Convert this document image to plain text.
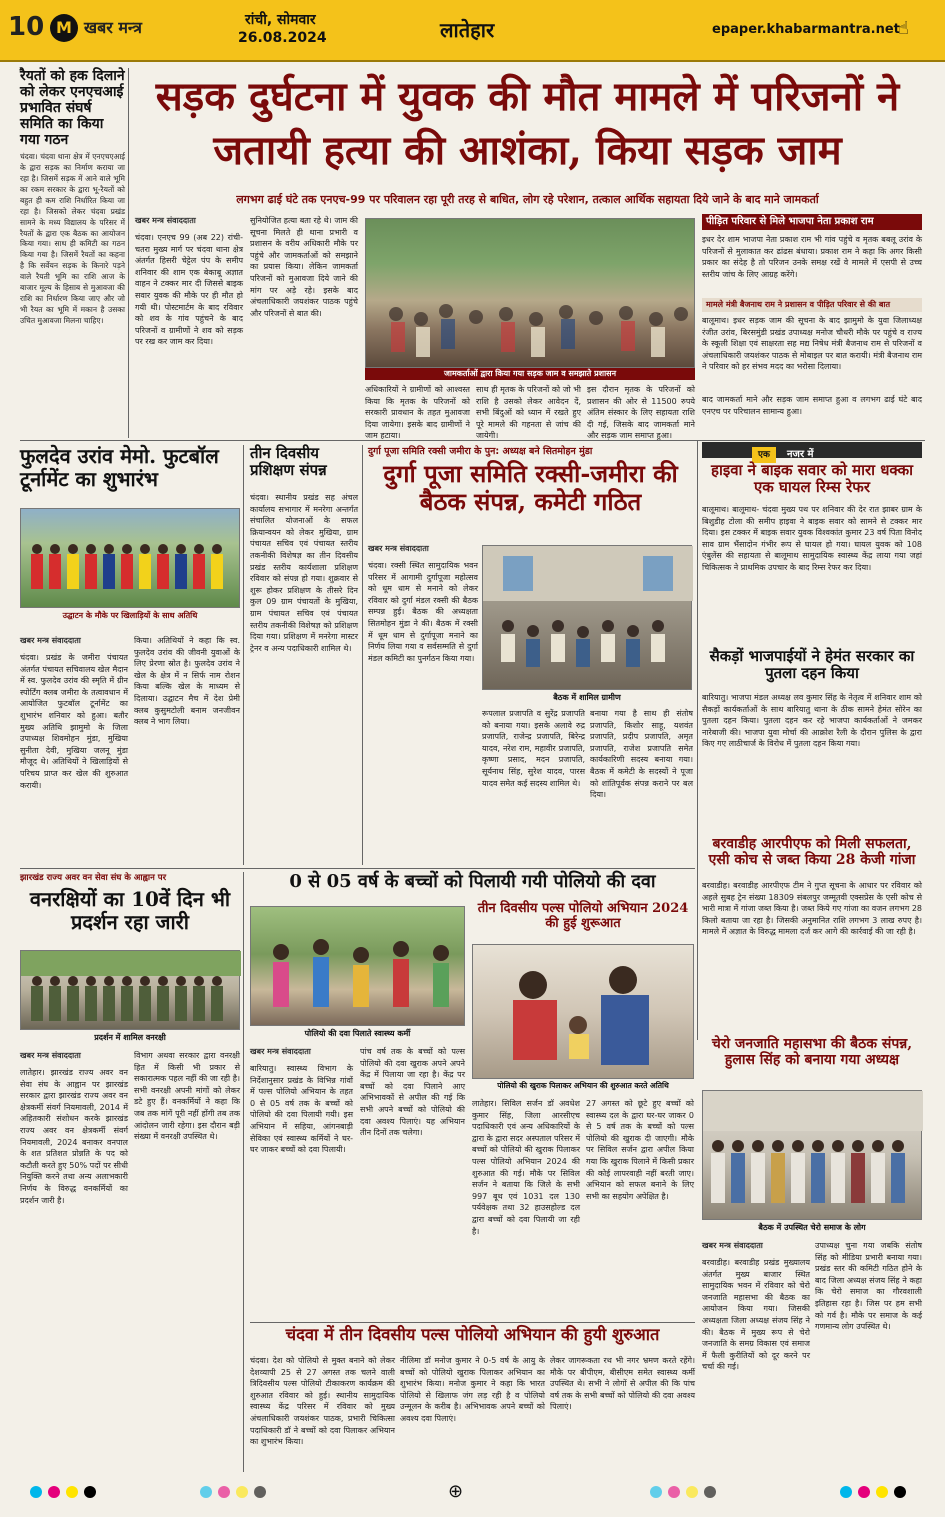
10 M खबर मन्त्र	रांची, सोमवार
26.08.2024	लातेहार	epaper.khabarmantra.net
☝
रैयतों को हक दिलाने को लेकर एनएचआई प्रभावित संघर्ष समिति का किया गया गठन
चंदवा। चंदवा थाना क्षेत्र में एनएचएआई के द्वारा सड़क का निर्माण कराया जा रहा है। जिसमें सड़क में आने वाले भूमि का रकम सरकार के द्वारा भू-रैयतों को बहुत ही कम राशि निर्धारित किया जा रहा है। जिसको लेकर चंदवा प्रखंड सामने के मध्य विद्यालय के परिसर में रैयतों के द्वारा एक बैठक का आयोजन किया गया। साथ ही कमिटी का गठन किया गया है। जिसमें रैयतों का कहना है कि सर्वेयन सड़क के किनारे पड़ने वाले रैयती भूमि का राशि आज के बाजार मूल्य के हिसाब से मुआवजा की राशि का निर्धारण किया जाए और जो भी रैयत का भूमि में मकान है उसका उचित मुआवजा मिलना चाहिए।
सड़क दुर्घटना में युवक की मौत मामले में परिजनों ने जतायी हत्या की आशंका, किया सड़क जाम
लगभग ढाई घंटे तक एनएच-99 पर परिवालन रहा पूरी तरह से बाधित, लोग रहे परेशान, तत्काल आर्थिक सहायता दिये जाने के बाद माने जामकर्ता
खबर मन्त्र संवाददाता
चंदवा। एनएच 99 (अब 22) रांची-चतरा मुख्य मार्ग पर चंदवा थाना क्षेत्र अंतर्गत हिसरी चेट्टेल पंप के समीप शनिवार की शाम एक बेकाबू अज्ञात वाहन ने टक्कर मार दी जिससे बाइक सवार युवक की मौके पर ही मौत हो गयी थी। पोस्टमार्टम के बाद रविवार को शव के गांव पहुंचने के बाद परिजनों व ग्रामीणों ने शव को सड़क पर रख कर जाम कर दिया।
सुनियोजित हत्या बता रहे थे। जाम की सूचना मिलते ही थाना प्रभारी व प्रशासन के वरीय अधिकारी मौके पर पहुंचे और जामकर्ताओं को समझाने का प्रयास किया। लेकिन जामकर्ता परिजनों को मुआवजा दिये जाने की मांग पर अड़े रहे। इसके बाद अंचलाधिकारी जयशंकर पाठक पहुंचे और परिजनों से बात की।
जामकर्ताओं द्वारा किया गया सड़क जाम व समझाते प्रशासन
अधिकारियों ने ग्रामीणों को आश्वस्त किया कि मृतक के परिजनों को सरकारी प्रावधान के तहत मुआवजा दिया जायेगा। इसके बाद ग्रामीणों ने जाम हटाया।
साथ ही मृतक के परिजनों को जो भी राशि है उसको लेकर आवेदन दें, सभी बिंदुओं को ध्यान में रखते हुए पूरे मामले की गहनता से जांच की जायेगी।
इस दौरान मृतक के परिजनों को प्रशासन की ओर से 11500 रुपये अंतिम संस्कार के लिए सहायता राशि दी गई, जिसके बाद जामकर्ता माने और सड़क जाम समाप्त हुआ।
पीड़ित परिवार से मिले भाजपा नेता प्रकाश राम
इधर देर शाम भाजपा नेता प्रकाश राम भी गांव पहुंचे व मृतक बबलू उरांव के परिजनों से मुलाकात कर ढांढस बंधाया। प्रकाश राम ने कहा कि अगर किसी प्रकार का संदेह है तो परिजन उनके समक्ष रखें वे मामले में एसपी से उच्च स्तरीय जांच के लिए आग्रह करेंगे।
मामले मंत्री बैजनाथ राम ने प्रशासन व पीड़ित परिवार से की बात
बालूमाथ। इधर सड़क जाम की सूचना के बाद झामुमो के युवा जिलाध्यक्ष रंजीत उरांव, बिरसमुंडी प्रखंड उपाध्यक्ष मनोज चौधरी मौके पर पहुंचे व राज्य के स्कूली शिक्षा एवं साक्षरता सह मद्य निषेध मंत्री बैजनाथ राम से परिजनों व अंचलाधिकारी जयशंकर पाठक से मोबाइल पर बात करायी। मंत्री बैजनाथ राम ने परिवार को हर संभव मदद का भरोसा दिलाया।
बाद जामकर्ता माने और सड़क जाम समाप्त हुआ व लगभग ढाई घंटे बाद एनएच पर परिचालन सामान्य हुआ।
फुलदेव उरांव मेमो. फुटबॉल टूर्नामेंट का शुभारंभ
उद्घाटन के मौके पर खिलाड़ियों के साथ अतिथि
खबर मन्त्र संवाददाता
चंदवा। प्रखंड के जमीरा पंचायत अंतर्गत पंचायत सचिवालय खेल मैदान में स्व. फुलदेव उरांव की स्मृति में ग्रीन स्पोर्टिंग क्लब जमीरा के तत्वावधान में आयोजित फुटबॉल टूर्नामेंट का शुभारंभ शनिवार को हुआ। बतौर मुख्य अतिथि झामुमो के जिला उपाध्यक्ष शिवमोहन मुंडा, मुखिया सुनीता देवी, मुखिया जलनू मुंडा मौजूद थे। अतिथियों ने खिलाड़ियों से परिचय प्राप्त कर खेल की शुरुआत करायी।
किया। अतिथियों ने कहा कि स्व. फुलदेव उरांव की जीवनी युवाओं के लिए प्रेरणा स्रोत है। फुलदेव उरांव ने खेल के क्षेत्र में न सिर्फ नाम रोशन किया बल्कि खेल के माध्यम से दिलाया। उद्घाटन मैच में देश प्रेमी क्लब कुसुमटोली बनाम जनजीवन क्लब ने भाग लिया।
तीन दिवसीय प्रशिक्षण संपन्न
चंदवा। स्थानीय प्रखंड सह अंचल कार्यालय सभागार में मनरेगा अन्तर्गत संचालित योजनाओं के सफल क्रियान्वयन को लेकर मुखिया, ग्राम पंचायत सचिव एवं पंचायत स्तरीय तकनीकी विशेषज्ञ का तीन दिवसीय प्रखंड स्तरीय कार्यशाला प्रशिक्षण रविवार को संपन्न हो गया। शुक्रवार से शुरू होकर प्रशिक्षण के तीसरे दिन कुल 09 ग्राम पंचायतों के मुखिया, ग्राम पंचायत सचिव एवं पंचायत स्तरीय तकनीकी विशेषज्ञ को प्रशिक्षण दिया गया। प्रशिक्षण में मनरेगा मास्टर ट्रेनर व अन्य पदाधिकारी शामिल थे।
दुर्गा पूजा समिति रक्सी जमीरा के पुन: अध्यक्ष बने सितमोहन मुंडा
दुर्गा पूजा समिति रक्सी-जमीरा की बैठक संपन्न, कमेटी गठित
खबर मन्त्र संवाददाता
चंदवा। रक्सी स्थित सामुदायिक भवन परिसर में आगामी दुर्गापूजा महोत्सव को धूम धाम से मनाने को लेकर रविवार को दुर्गा मंडल रक्सी की बैठक सम्पन्न हुई। बैठक की अध्यक्षता सितमोहन मुंडा ने की। बैठक में रक्सी में धूम धाम से दुर्गापूजा मनाने का निर्णय लिया गया व सर्वसम्मति से दुर्गा मंडल कमिटी का पुनर्गठन किया गया।
बैठक में शामिल ग्रामीण
रूपलाल प्रजापति व सुरेंद्र प्रजापति को बनाया गया। इसके अलावे रुद्र प्रजापति, राजेन्द्र प्रजापति, बिरेन्द्र यादव, नरेश राम, महावीर प्रजापति, कृष्णा प्रसाद, मदन प्रजापति, सूर्यनाथ सिंह, सुरेश यादव, पारस यादव समेत कई सदस्य शामिल थे।
बनाया गया है साथ ही संतोष प्रजापति, किशोर साहू, यशवंत प्रजापति, प्रदीप प्रजापति, अमृत प्रजापति, राजेश प्रजापति समेत कार्यकारिणी सदस्य बनाया गया। बैठक में कमेटी के सदस्यों ने पूजा को शांतिपूर्वक संपन्न कराने पर बल दिया।
एक नजर में
हाइवा ने बाइक सवार को मारा धक्का एक घायल रिम्स रेफर
बालूमाथ। बालूमाथ- चंदवा मुख्य पथ पर शनिवार की देर रात झाबर ग्राम के बिशुडीह टोला की समीप हाइवा ने बाइक सवार को सामने से टक्कर मार दिया। इस टक्कर में बाइक सवार युवक विश्वकांत कुमार 23 वर्ष पिता विनोद साव ग्राम भैंसादोन गंभीर रूप से घायल हो गया। घायल युवक को 108 एंबुलेंस की सहायता से बालूमाथ सामुदायिक स्वास्थ्य केंद्र लाया गया जहां चिकित्सक ने प्राथमिक उपचार के बाद रिम्स रेफर कर दिया।
सैकड़ों भाजपाईयों ने हेमंत सरकार का पुतला दहन किया
बारियातु। भाजपा मंडल अध्यक्ष लव कुमार सिंह के नेतृत्व में शनिवार शाम को सैकड़ों कार्यकर्ताओं के साथ बारियातु थाना के ठीक सामने हेमंत सोरेन का पुतला दहन किया। पुतला दहन कर रहे भाजपा कार्यकर्ताओं ने जमकर नारेबाजी की। भाजपा युवा मोर्चा की आक्रोश रैली के दौरान पुलिस के द्वारा किए गए लाठीचार्ज के विरोध में पुतला दहन किया गया।
बरवाडीह आरपीएफ को मिली सफलता, एसी कोच से जब्त किया 28 केजी गांजा
बरवाडीह। बरवाडीह आरपीएफ टीम ने गुप्त सूचना के आधार पर रविवार को अहले सुबह ट्रेन संख्या 18309 संबलपुर जम्मूतवी एक्सप्रेस के एसी कोच से भारी मात्रा में गांजा जब्त किया है। जब्त किये गए गांजा का वजन लगभग 28 किलो बताया जा रहा है। जिसकी अनुमानित राशि लगभग 3 लाख रुपए है। मामले में अज्ञात के विरुद्ध मामला दर्ज कर आगे की कार्रवाई की जा रही है।
झारखंड राज्य अवर वन सेवा संघ के आह्वान पर
वनरक्षियों का 10वें दिन भी प्रदर्शन रहा जारी
प्रदर्शन में शामिल वनरक्षी
खबर मन्त्र संवाददाता
लातेहार। झारखंड राज्य अवर वन सेवा संघ के आह्वान पर झारखंड सरकार द्वारा झारखंड राज्य अवर वन क्षेत्रकर्मी संवर्ग नियमावली, 2014 में अहितकारी संशोधन करके झारखंड राज्य अवर वन क्षेत्रकर्मी संवर्ग नियमावली, 2024 बनाकर वनपाल के शत प्रतिशत प्रोन्नति के पद को कटौती करते हुए 50% पदों पर सीधी नियुक्ति करने तथा अन्य अलाभकारी निर्णय के विरुद्ध वनकर्मियों का प्रदर्शन जारी है।
विभाग अथवा सरकार द्वारा वनरक्षी हित में किसी भी प्रकार से सकारात्मक पहल नहीं की जा रही है। सभी वनरक्षी अपनी मांगों को लेकर डटे हुए हैं। वनकर्मियों ने कहा कि जब तक मांगें पूरी नहीं होंगी तब तक आंदोलन जारी रहेगा। इस दौरान बड़ी संख्या में वनरक्षी उपस्थित थे।
0 से 05 वर्ष के बच्चों को पिलायी गयी पोलियो की दवा
पोलियो की दवा पिलाते स्वास्थ्य कर्मी
खबर मन्त्र संवाददाता
बारियातु। स्वास्थ्य विभाग के निर्देशानुसार प्रखंड के विभिन्न गांवों में पल्स पोलियो अभियान के तहत 0 से 05 वर्ष तक के बच्चों को पोलियो की दवा पिलायी गयी। इस अभियान में सहिया, आंगनबाड़ी सेविका एवं स्वास्थ्य कर्मियों ने घर-घर जाकर बच्चों को दवा पिलायी।
पांच वर्ष तक के बच्चों को पल्स पोलियो की दवा खुराक अपने अपने केंद्र में पिलाया जा रहा है। केंद्र पर बच्चों को दवा पिलाने आए अभिभावकों से अपील की गई कि सभी अपने बच्चों को पोलियो की दवा अवश्य पिलाएं। यह अभियान तीन दिनों तक चलेगा।
तीन दिवसीय पल्स पोलियो अभियान 2024 की हुई शुरूआत
पोलियो की खुराक पिलाकर अभियान की शुरुआत करते अतिथि
लातेहार। सिविल सर्जन डॉ अवधेश कुमार सिंह, जिला आरसीएच पदाधिकारी एवं अन्य अधिकारियों के द्वारा के द्वारा सदर अस्पताल परिसर में बच्चों को पोलियो की खुराक पिलाकर पल्स पोलियो अभियान 2024 की शुरुआत की गई। मौके पर सिविल सर्जन ने बताया कि जिले के सभी 997 बूथ एवं 1031 दल 130 पर्यवेक्षक तथा 32 हाउसहोल्ड दल द्वारा बच्चों को दवा पिलायी जा रही है।
27 अगस्त को छूटे हुए बच्चों को स्वास्थ्य दल के द्वारा घर-घर जाकर 0 से 5 वर्ष तक के बच्चों को पल्स पोलियो की खुराक दी जाएगी। मौके पर सिविल सर्जन द्वारा अपील किया गया कि खुराक पिलाने में किसी प्रकार की कोई लापरवाही नहीं बरती जाए। अभियान को सफल बनाने के लिए सभी का सहयोग अपेक्षित है।
चंदवा में तीन दिवसीय पल्स पोलियो अभियान की हुयी शुरुआत
चंदवा। देश को पोलियो से मुक्त बनाने को लेकर देशव्यापी 25 से 27 अगस्त तक चलने वाली त्रिदिवसीय पल्स पोलियो टीकाकरण कार्यक्रम की शुरुआत रविवार को हुई। स्थानीय सामुदायिक स्वास्थ्य केंद्र परिसर में रविवार को मुख्य अंचलाधिकारी जयशंकर पाठक, प्रभारी चिकित्सा पदाधिकारी डॉ ने बच्चों को दवा पिलाकर अभियान का शुभारंभ किया।
नीलिमा डॉ मनोज कुमार ने 0-5 वर्ष के आयु के बच्चों को पोलियो खुराक पिलाकर अभियान का शुभारंभ किया। मनोज कुमार ने कहा कि भारत पोलियो से खिलाफ जंग लड़ रही है व पोलियो उन्मूलन के करीब है। अभिभावक अपने बच्चों को अवश्य दवा पिलाएं।
लेकर जागरूकता रथ भी नगर भ्रमण करते रहेंगे। मौके पर बीपीएम, बीसीएम समेत स्वास्थ्य कर्मी उपस्थित थे। सभी ने लोगों से अपील की कि पांच वर्ष तक के सभी बच्चों को पोलियो की दवा अवश्य पिलाएं।
चेरो जनजाति महासभा की बैठक संपन्न, हुलास सिंह को बनाया गया अध्यक्ष
बैठक में उपस्थित चेरो समाज के लोग
खबर मन्त्र संवाददाता
बरवाडीह। बरवाडीह प्रखंड मुख्यालय अंतर्गत मुख्य बाजार स्थित सामुदायिक भवन में रविवार को चेरो जनजाति महासभा की बैठक का आयोजन किया गया। जिसकी अध्यक्षता जिला अध्यक्ष संजय सिंह ने की। बैठक में मुख्य रूप से चेरो जनजाति के समग्र विकास एवं समाज में फैली कुरीतियों को दूर करने पर चर्चा की गई।
उपाध्यक्ष चुना गया जबकि संतोष सिंह को मीडिया प्रभारी बनाया गया। प्रखंड स्तर की कमिटी गठित होने के बाद जिला अध्यक्ष संजय सिंह ने कहा कि चेरो समाज का गौरवशाली इतिहास रहा है। जिस पर हम सभी को गर्व है। मौके पर समाज के कई गणमान्य लोग उपस्थित थे।
⊕
